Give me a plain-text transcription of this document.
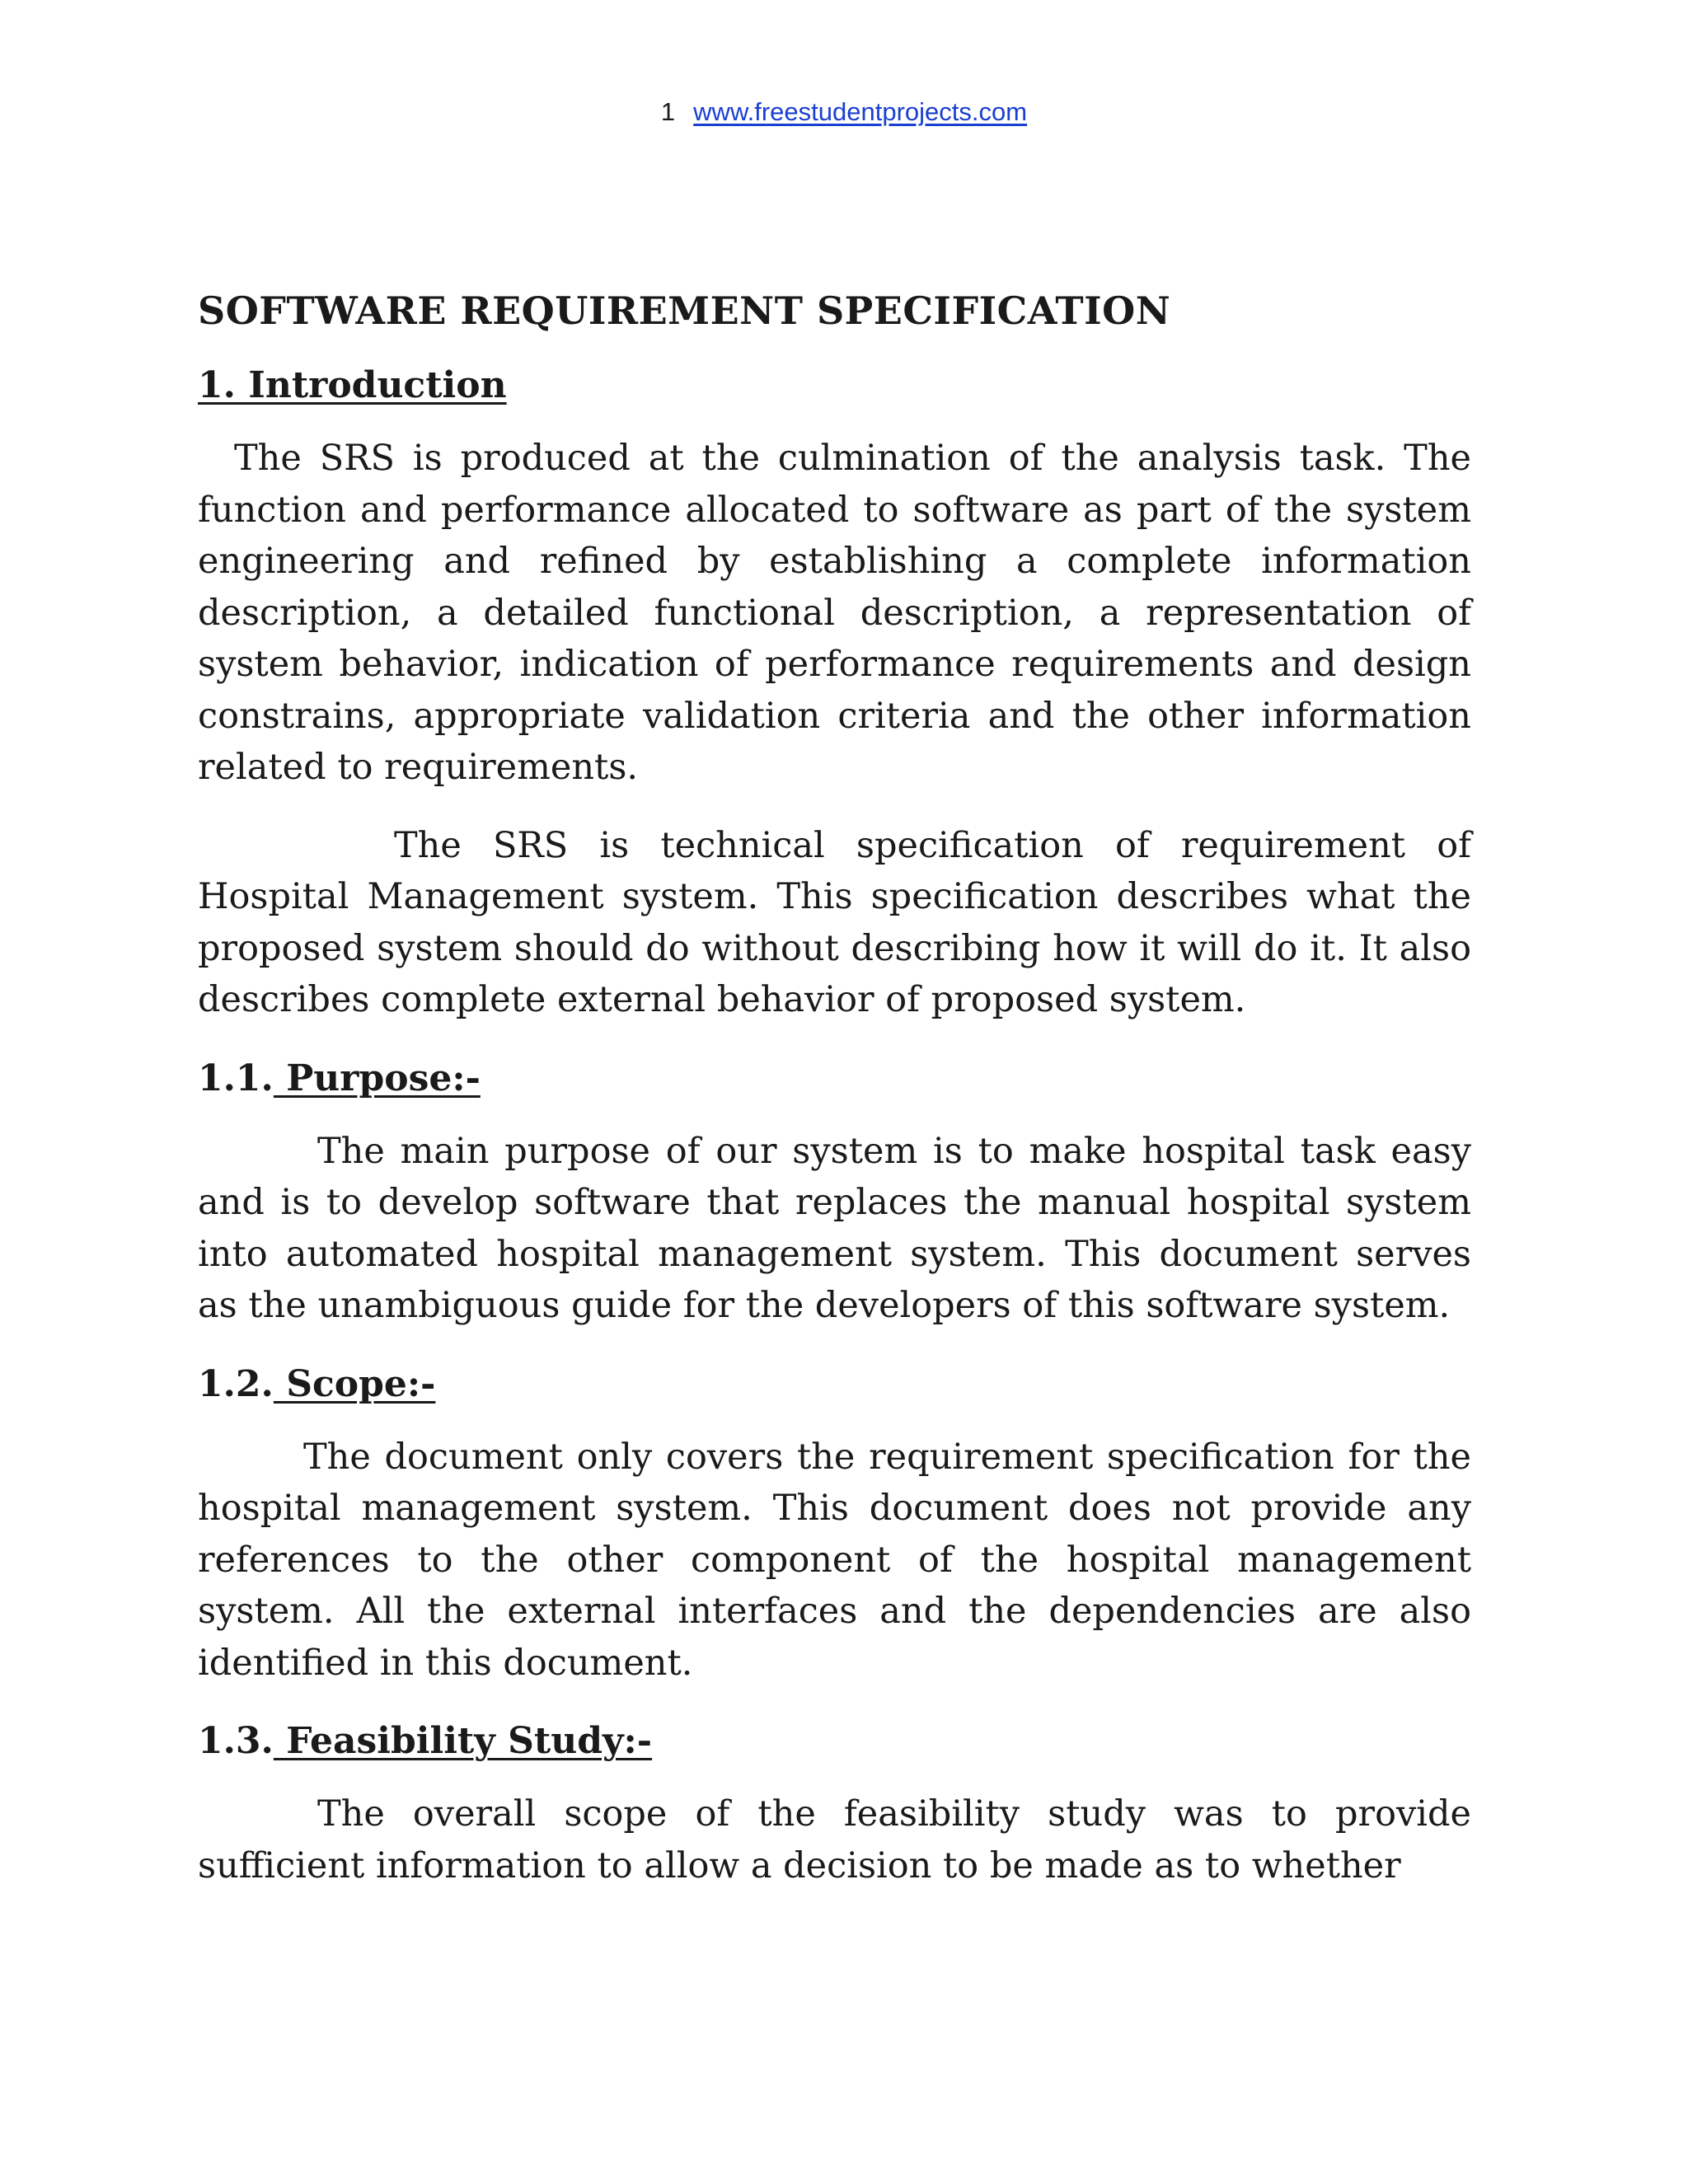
1 www.freestudentprojects.com
SOFTWARE REQUIREMENT SPECIFICATION
1. Introduction

The SRS is produced at the culmination of the analysis task. The function and performance allocated to software as part of the system engineering and refined by establishing a complete information description, a detailed functional description, a representation of system behavior, indication of performance requirements and design constrains, appropriate validation criteria and the other information related to requirements.

The SRS is technical specification of requirement of Hospital Management system. This specification describes what the proposed system should do without describing how it will do it. It also describes complete external behavior of proposed system.

1.1. Purpose:-

The main purpose of our system is to make hospital task easy and is to develop software that replaces the manual hospital system into automated hospital management system. This document serves as the unambiguous guide for the developers of this software system.

1.2. Scope:-

The document only covers the requirement specification for the hospital management system. This document does not provide any references to the other component of the hospital management system. All the external interfaces and the dependencies are also identified in this document.

1.3. Feasibility Study:-

The overall scope of the feasibility study was to provide sufficient information to allow a decision to be made as to whether
